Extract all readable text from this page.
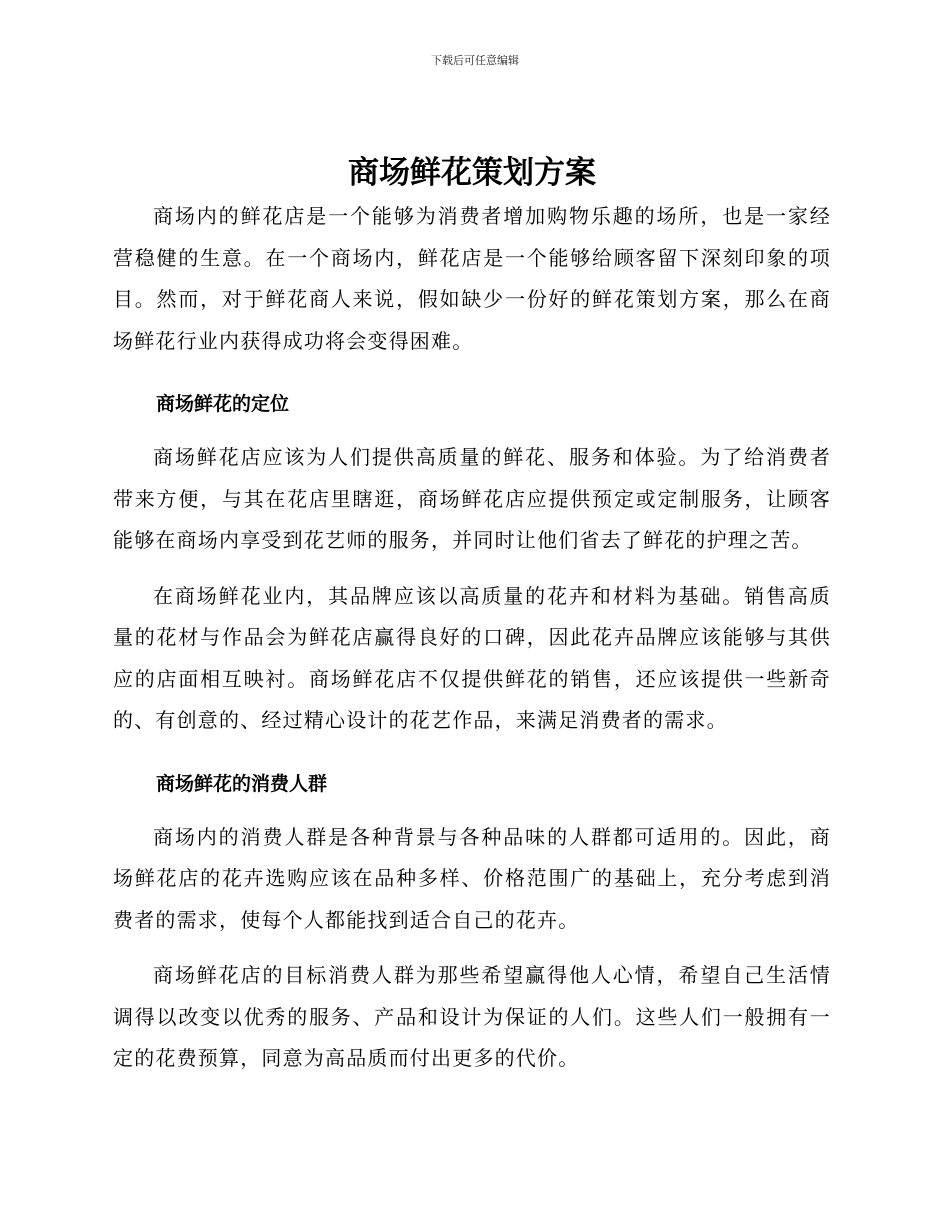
下载后可任意编辑
商场鲜花策划方案

商场内的鲜花店是一个能够为消费者增加购物乐趣的场所，也是一家经营稳健的生意。在一个商场内，鲜花店是一个能够给顾客留下深刻印象的项目。然而，对于鲜花商人来说，假如缺少一份好的鲜花策划方案，那么在商场鲜花行业内获得成功将会变得困难。

商场鲜花的定位

商场鲜花店应该为人们提供高质量的鲜花、服务和体验。为了给消费者带来方便，与其在花店里瞎逛，商场鲜花店应提供预定或定制服务，让顾客能够在商场内享受到花艺师的服务，并同时让他们省去了鲜花的护理之苦。

在商场鲜花业内，其品牌应该以高质量的花卉和材料为基础。销售高质量的花材与作品会为鲜花店赢得良好的口碑，因此花卉品牌应该能够与其供应的店面相互映衬。商场鲜花店不仅提供鲜花的销售，还应该提供一些新奇的、有创意的、经过精心设计的花艺作品，来满足消费者的需求。

商场鲜花的消费人群

商场内的消费人群是各种背景与各种品味的人群都可适用的。因此，商场鲜花店的花卉选购应该在品种多样、价格范围广的基础上，充分考虑到消费者的需求，使每个人都能找到适合自己的花卉。

商场鲜花店的目标消费人群为那些希望赢得他人心情，希望自己生活情调得以改变以优秀的服务、产品和设计为保证的人们。这些人们一般拥有一定的花费预算，同意为高品质而付出更多的代价。
